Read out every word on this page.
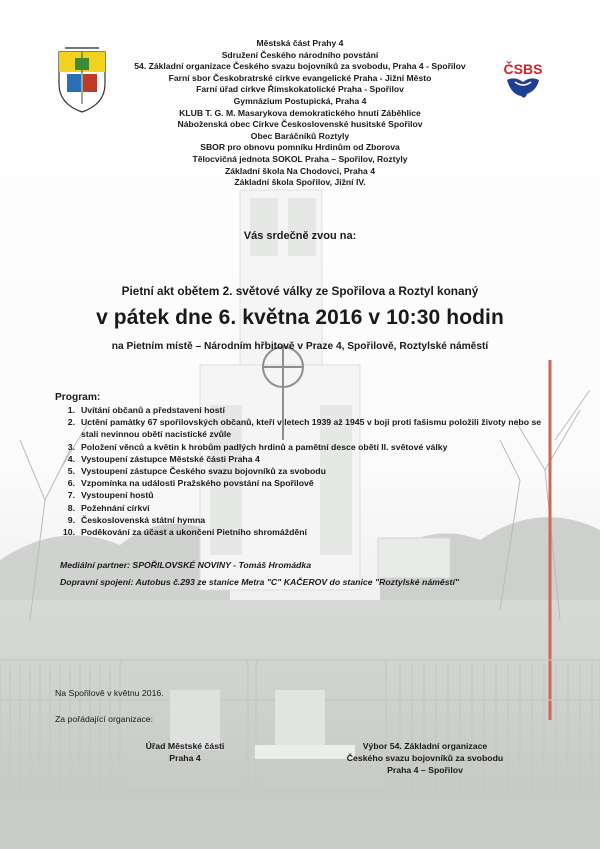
ČSBS
Městská část Prahy 4
Sdružení Českého národního povstání
54. Základní organizace Českého svazu bojovníků za svobodu, Praha 4 - Spořilov
Farní sbor Českobratrské církve evangelické Praha - Jižní Město
Farní úřad církve Římskokatolické Praha - Spořilov
Gymnázium Postupická, Praha 4
KLUB T. G. M. Masarykova demokratického hnutí Záběhlice
Náboženská obec Církve Československé husitské Spořilov
Obec Baráčníků Roztyly
SBOR pro obnovu pomníku Hrdinům od Zborova
Tělocvičná jednota SOKOL Praha – Spořilov, Roztyly
Základní škola Na Chodovci, Praha 4
Základní škola Spořilov, Jižní IV.
Vás srdečně zvou na:
Pietní akt obětem 2. světové války ze Spořilova a Roztyl konaný
v pátek dne 6. května 2016 v 10:30 hodin
na Pietním místě – Národním hřbitově v Praze 4, Spořilově, Roztylské náměstí
Program:
1. Uvítání občanů a představení hostí
2. Uctění památky 67 spořilovských občanů, kteří v letech 1939 až 1945 v boji proti fašismu položili životy nebo se stali nevinnou obětí nacistické zvůle
3. Položení věnců a květin k hrobům padlých hrdinů a pamětní desce obětí II. světové války
4. Vystoupení zástupce Městské části Praha 4
5. Vystoupení zástupce Českého svazu bojovníků za svobodu
6. Vzpomínka na události Pražského povstání na Spořilově
7. Vystoupení hostů
8. Požehnání církví
9. Československá státní hymna
10. Poděkování za účast a ukončení Pietního shromáždění
Mediální partner: SPOŘILOVSKÉ NOVINY - Tomáš Hromádka
Dopravní spojení: Autobus č.293 ze stanice Metra "C" KAČEROV do stanice "Roztylské náměstí"
Na Spořilově v květnu 2016.
Za pořádající organizace:
Úřad Městské části
Praha 4
Výbor 54. Základní organizace
Českého svazu bojovníků za svobodu
Praha 4 – Spořilov
